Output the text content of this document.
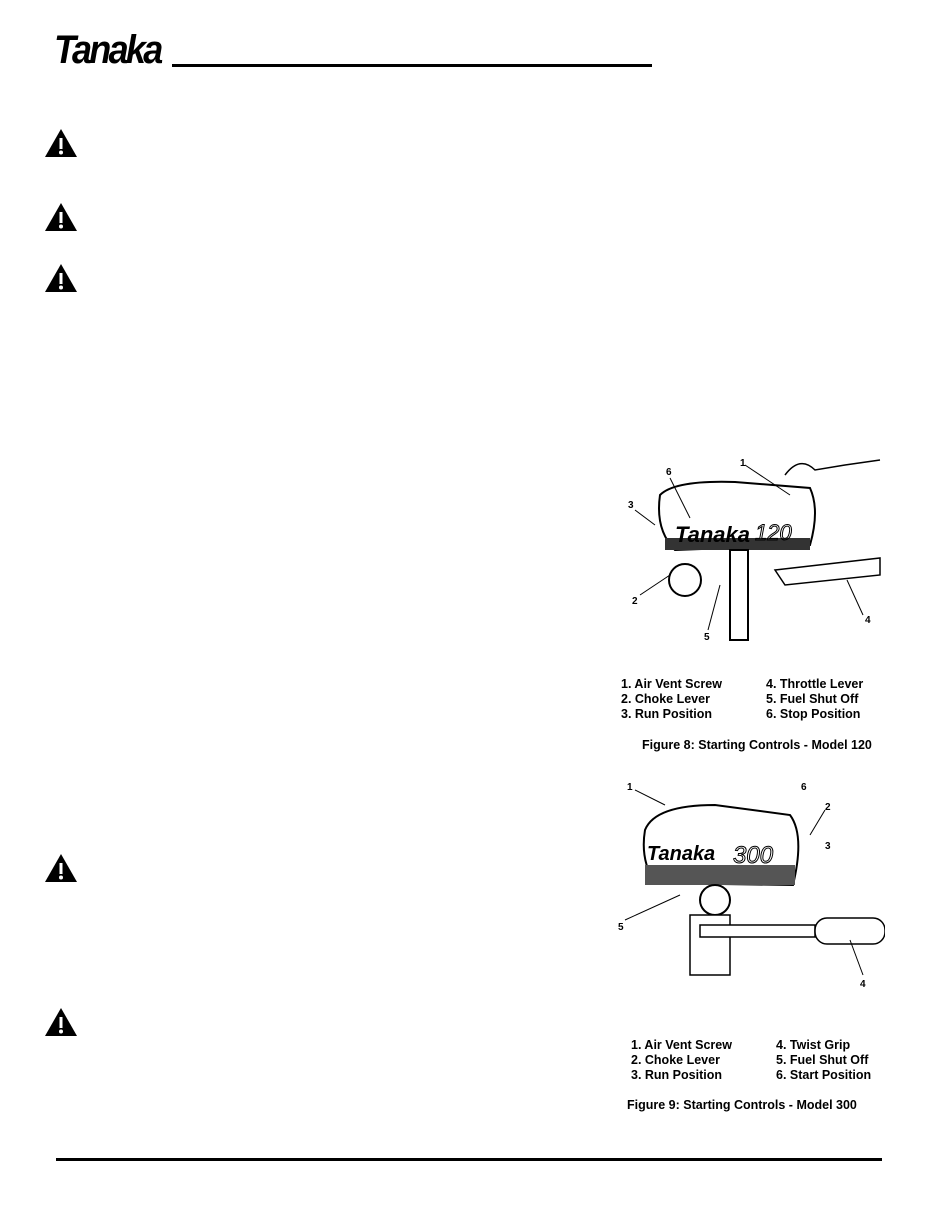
Tanaka
Tanaka 120
1
2
3
4
5
6
1. Air Vent Screw	4. Throttle Lever
2. Choke Lever	5. Fuel Shut Off
3. Run Position	6. Stop Position
Figure 8: Starting Controls - Model 120
Tanaka 300
1
2
3
4
5
6
1. Air Vent Screw	4. Twist Grip
2. Choke Lever	5. Fuel Shut Off
3. Run Position	6. Start Position
Figure 9: Starting Controls - Model 300
